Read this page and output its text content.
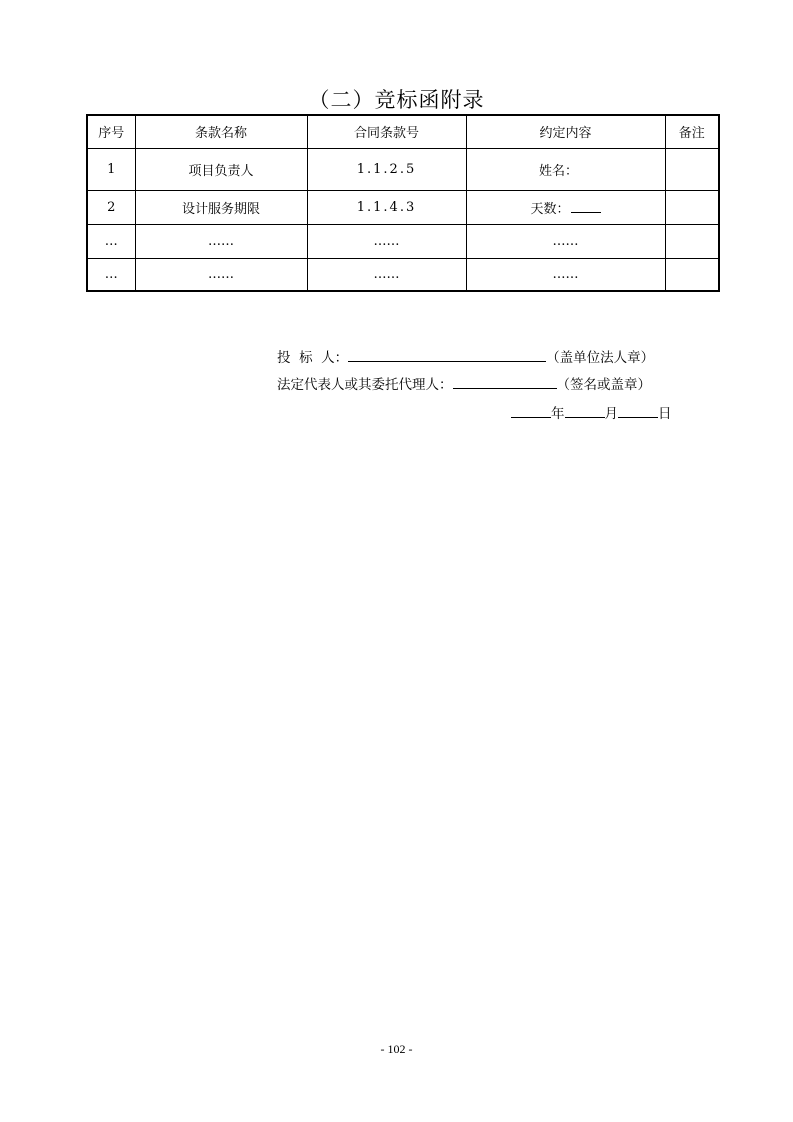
（二）竞标函附录
序号	条款名称	合同条款号	约定内容	备注
1	项目负责人	1.1.2.5	姓名：	
2	设计服务期限	1.1.4.3	天数：	
…	……	……	……	
…	……	……	……	
投  标  人：	（盖单位法人章）
法定代表人或其委托代理人：	（签名或盖章）
年	月	日
- 102 -
